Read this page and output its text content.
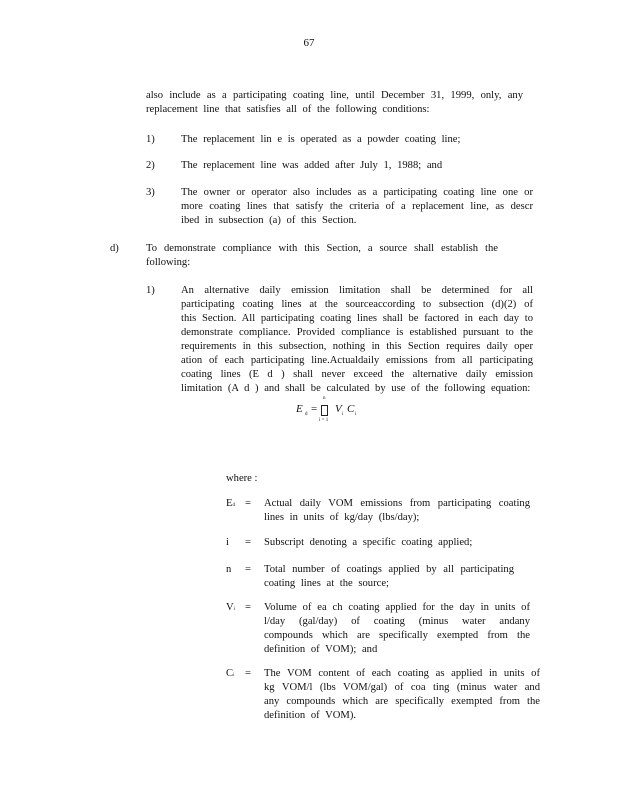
67
also include as a participating coating line, until December 31, 1999, only, any replacement line that satisfies all of the following conditions:
1) The replacement lin e is operated as a powder coating line;
2) The replacement line was added after July 1, 1988; and
3) The owner or operator also includes as a participating coating line one or more coating lines that satisfy the criteria of a replacement line, as descr ibed in subsection (a) of this Section.
d)	To demonstrate compliance with this Section, a source shall establish the following:
1) An alternative daily emission limitation shall be determined for all participating coating lines at the sourceaccording to subsection (d)(2) of this Section. All participating coating lines shall be factored in each day to demonstrate compliance. Provided compliance is established pursuant to the requirements in this subsection, nothing in this Section requires daily oper ation of each participating line.Actualdaily emissions from all participating coating lines (E d ) shall never exceed the alternative daily emission limitation (A d ) and shall be calculated by use of the following equation:
E d =
n
i = 1
V i C i
where :
Ed = Actual daily VOM emissions from participating coating lines in units of kg/day (lbs/day);
i = Subscript denoting a specific coating applied;
n = Total number of coatings applied by all participating coating lines at the source;
Vi = Volume of ea ch coating applied for the day in units of l/day (gal/day) of coating (minus water andany compounds which are specifically exempted from the definition of VOM); and
Ci = The VOM content of each coating as applied in units of kg VOM/l (lbs VOM/gal) of coa ting (minus water and any compounds which are specifically exempted from the definition of VOM).
